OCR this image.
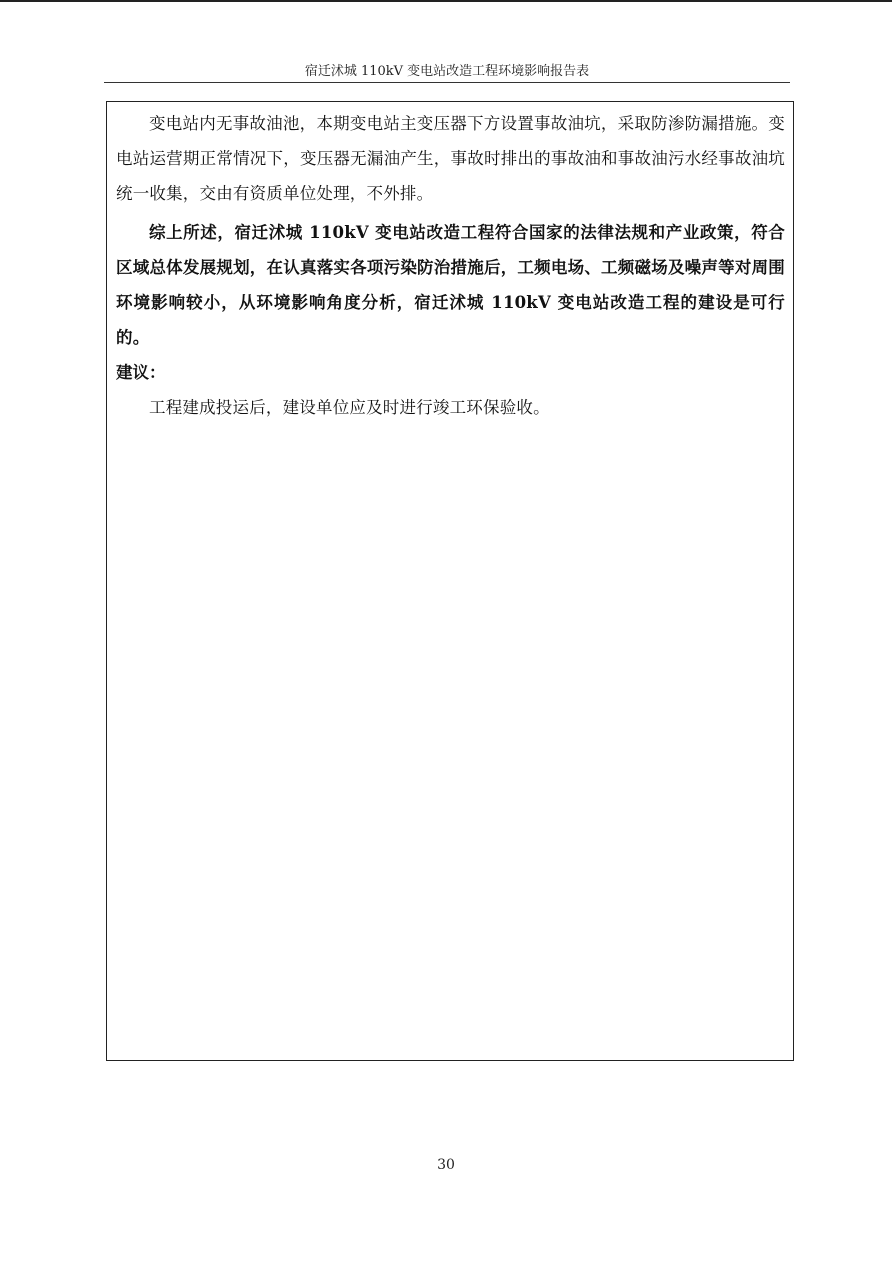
宿迁沭城 110kV 变电站改造工程环境影响报告表

变电站内无事故油池，本期变电站主变压器下方设置事故油坑，采取防渗防漏措施。变电站运营期正常情况下，变压器无漏油产生，事故时排出的事故油和事故油污水经事故油坑统一收集，交由有资质单位处理，不外排。

综上所述，宿迁沭城 110kV 变电站改造工程符合国家的法律法规和产业政策，符合区域总体发展规划，在认真落实各项污染防治措施后，工频电场、工频磁场及噪声等对周围环境影响较小，从环境影响角度分析，宿迁沭城 110kV 变电站改造工程的建设是可行的。

建议：

工程建成投运后，建设单位应及时进行竣工环保验收。

30
